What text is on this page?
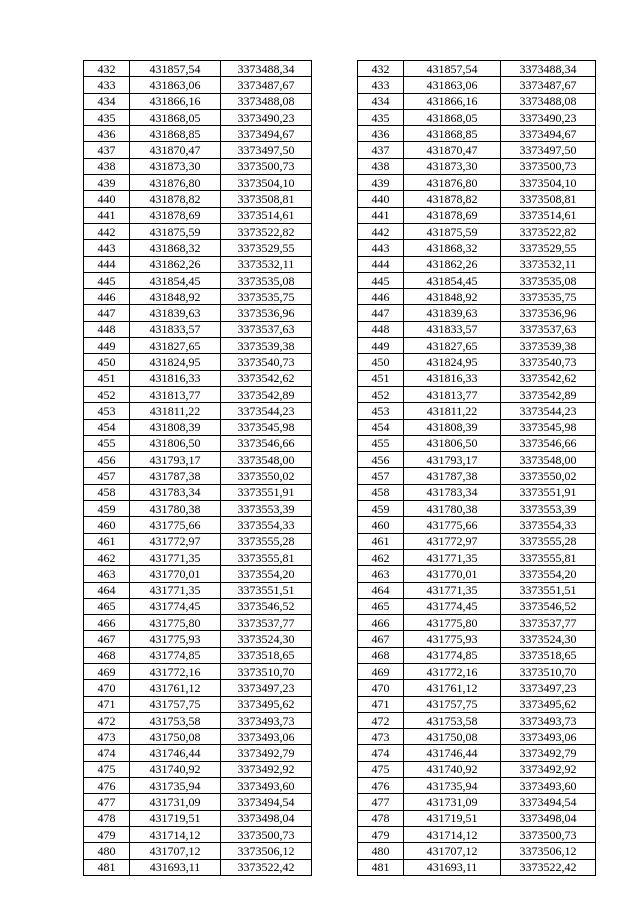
432	431857,54	3373488,34		432	431857,54	3373488,34
433	431863,06	3373487,67		433	431863,06	3373487,67
434	431866,16	3373488,08		434	431866,16	3373488,08
435	431868,05	3373490,23		435	431868,05	3373490,23
436	431868,85	3373494,67		436	431868,85	3373494,67
437	431870,47	3373497,50		437	431870,47	3373497,50
438	431873,30	3373500,73		438	431873,30	3373500,73
439	431876,80	3373504,10		439	431876,80	3373504,10
440	431878,82	3373508,81		440	431878,82	3373508,81
441	431878,69	3373514,61		441	431878,69	3373514,61
442	431875,59	3373522,82		442	431875,59	3373522,82
443	431868,32	3373529,55		443	431868,32	3373529,55
444	431862,26	3373532,11		444	431862,26	3373532,11
445	431854,45	3373535,08		445	431854,45	3373535,08
446	431848,92	3373535,75		446	431848,92	3373535,75
447	431839,63	3373536,96		447	431839,63	3373536,96
448	431833,57	3373537,63		448	431833,57	3373537,63
449	431827,65	3373539,38		449	431827,65	3373539,38
450	431824,95	3373540,73		450	431824,95	3373540,73
451	431816,33	3373542,62		451	431816,33	3373542,62
452	431813,77	3373542,89		452	431813,77	3373542,89
453	431811,22	3373544,23		453	431811,22	3373544,23
454	431808,39	3373545,98		454	431808,39	3373545,98
455	431806,50	3373546,66		455	431806,50	3373546,66
456	431793,17	3373548,00		456	431793,17	3373548,00
457	431787,38	3373550,02		457	431787,38	3373550,02
458	431783,34	3373551,91		458	431783,34	3373551,91
459	431780,38	3373553,39		459	431780,38	3373553,39
460	431775,66	3373554,33		460	431775,66	3373554,33
461	431772,97	3373555,28		461	431772,97	3373555,28
462	431771,35	3373555,81		462	431771,35	3373555,81
463	431770,01	3373554,20		463	431770,01	3373554,20
464	431771,35	3373551,51		464	431771,35	3373551,51
465	431774,45	3373546,52		465	431774,45	3373546,52
466	431775,80	3373537,77		466	431775,80	3373537,77
467	431775,93	3373524,30		467	431775,93	3373524,30
468	431774,85	3373518,65		468	431774,85	3373518,65
469	431772,16	3373510,70		469	431772,16	3373510,70
470	431761,12	3373497,23		470	431761,12	3373497,23
471	431757,75	3373495,62		471	431757,75	3373495,62
472	431753,58	3373493,73		472	431753,58	3373493,73
473	431750,08	3373493,06		473	431750,08	3373493,06
474	431746,44	3373492,79		474	431746,44	3373492,79
475	431740,92	3373492,92		475	431740,92	3373492,92
476	431735,94	3373493,60		476	431735,94	3373493,60
477	431731,09	3373494,54		477	431731,09	3373494,54
478	431719,51	3373498,04		478	431719,51	3373498,04
479	431714,12	3373500,73		479	431714,12	3373500,73
480	431707,12	3373506,12		480	431707,12	3373506,12
481	431693,11	3373522,42		481	431693,11	3373522,42
